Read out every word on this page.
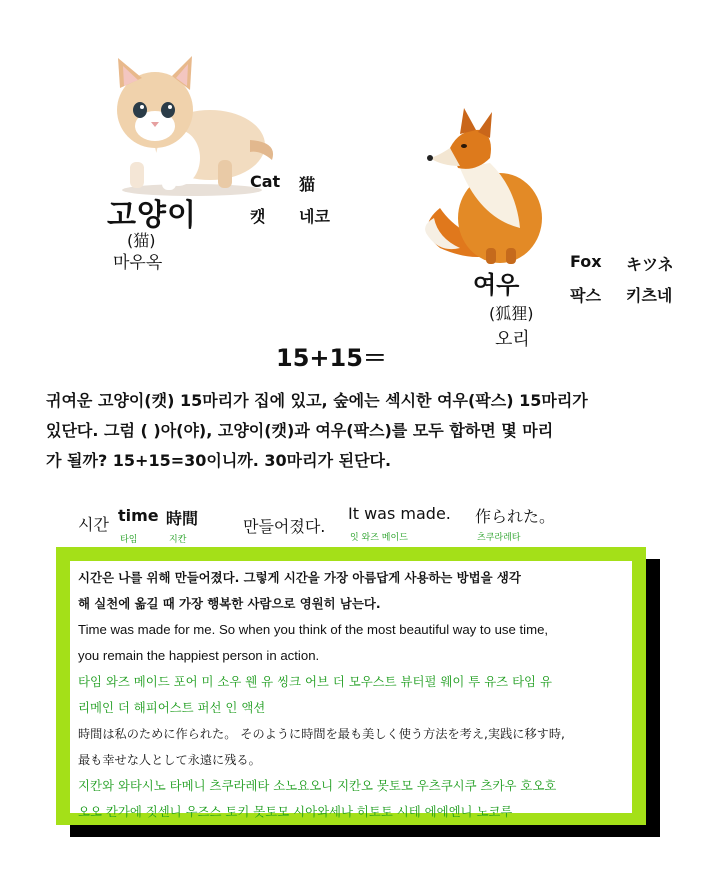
고양이
(猫)
마우옥
Cat 猫
캣 네코
여우
(狐狸)
오리
Fox キツネ
팍스 키츠네
15+15＝

귀여운 고양이(캣) 15마리가 집에 있고, 숲에는 섹시한 여우(팍스) 15마리가

있단다. 그럼 ( )아(야), 고양이(캣)과 여우(팍스)를 모두 합하면 몇 마리

가 될까? 15+15=30이니까. 30마리가 된단다.

시간 time 時間	만들어졌다.
It was made. 作られた。
타임	지칸	잇 와즈 메이드	츠쿠라레타
시간은 나를 위해 만들어졌다. 그렇게 시간을 가장 아름답게 사용하는 방법을 생각
해 실천에 옮길 때 가장 행복한 사람으로 영원히 남는다.
Time was made for me. So when you think of the most beautiful way to use time,
you remain the happiest person in action.
타임 와즈 메이드 포어 미 소우 웬 유 씽크 어브 더 모우스트 뷰터펄 웨이 투 유즈 타임 유
리메인 더 해피어스트 퍼선 인 액션
時間は私のために作られた。 そのように時間を最も美しく使う方法を考え,実践に移す時,
最も幸せな人として永遠に残る。
지칸와 와타시노 타메니 츠쿠라레타 소노요오니 지칸오 못토모 우츠쿠시쿠 츠카우 호오호
오오 칸가에 짓센니 우즈스 토키 못토모 시아와세나 히토토 시테 에에엔니 노코루
